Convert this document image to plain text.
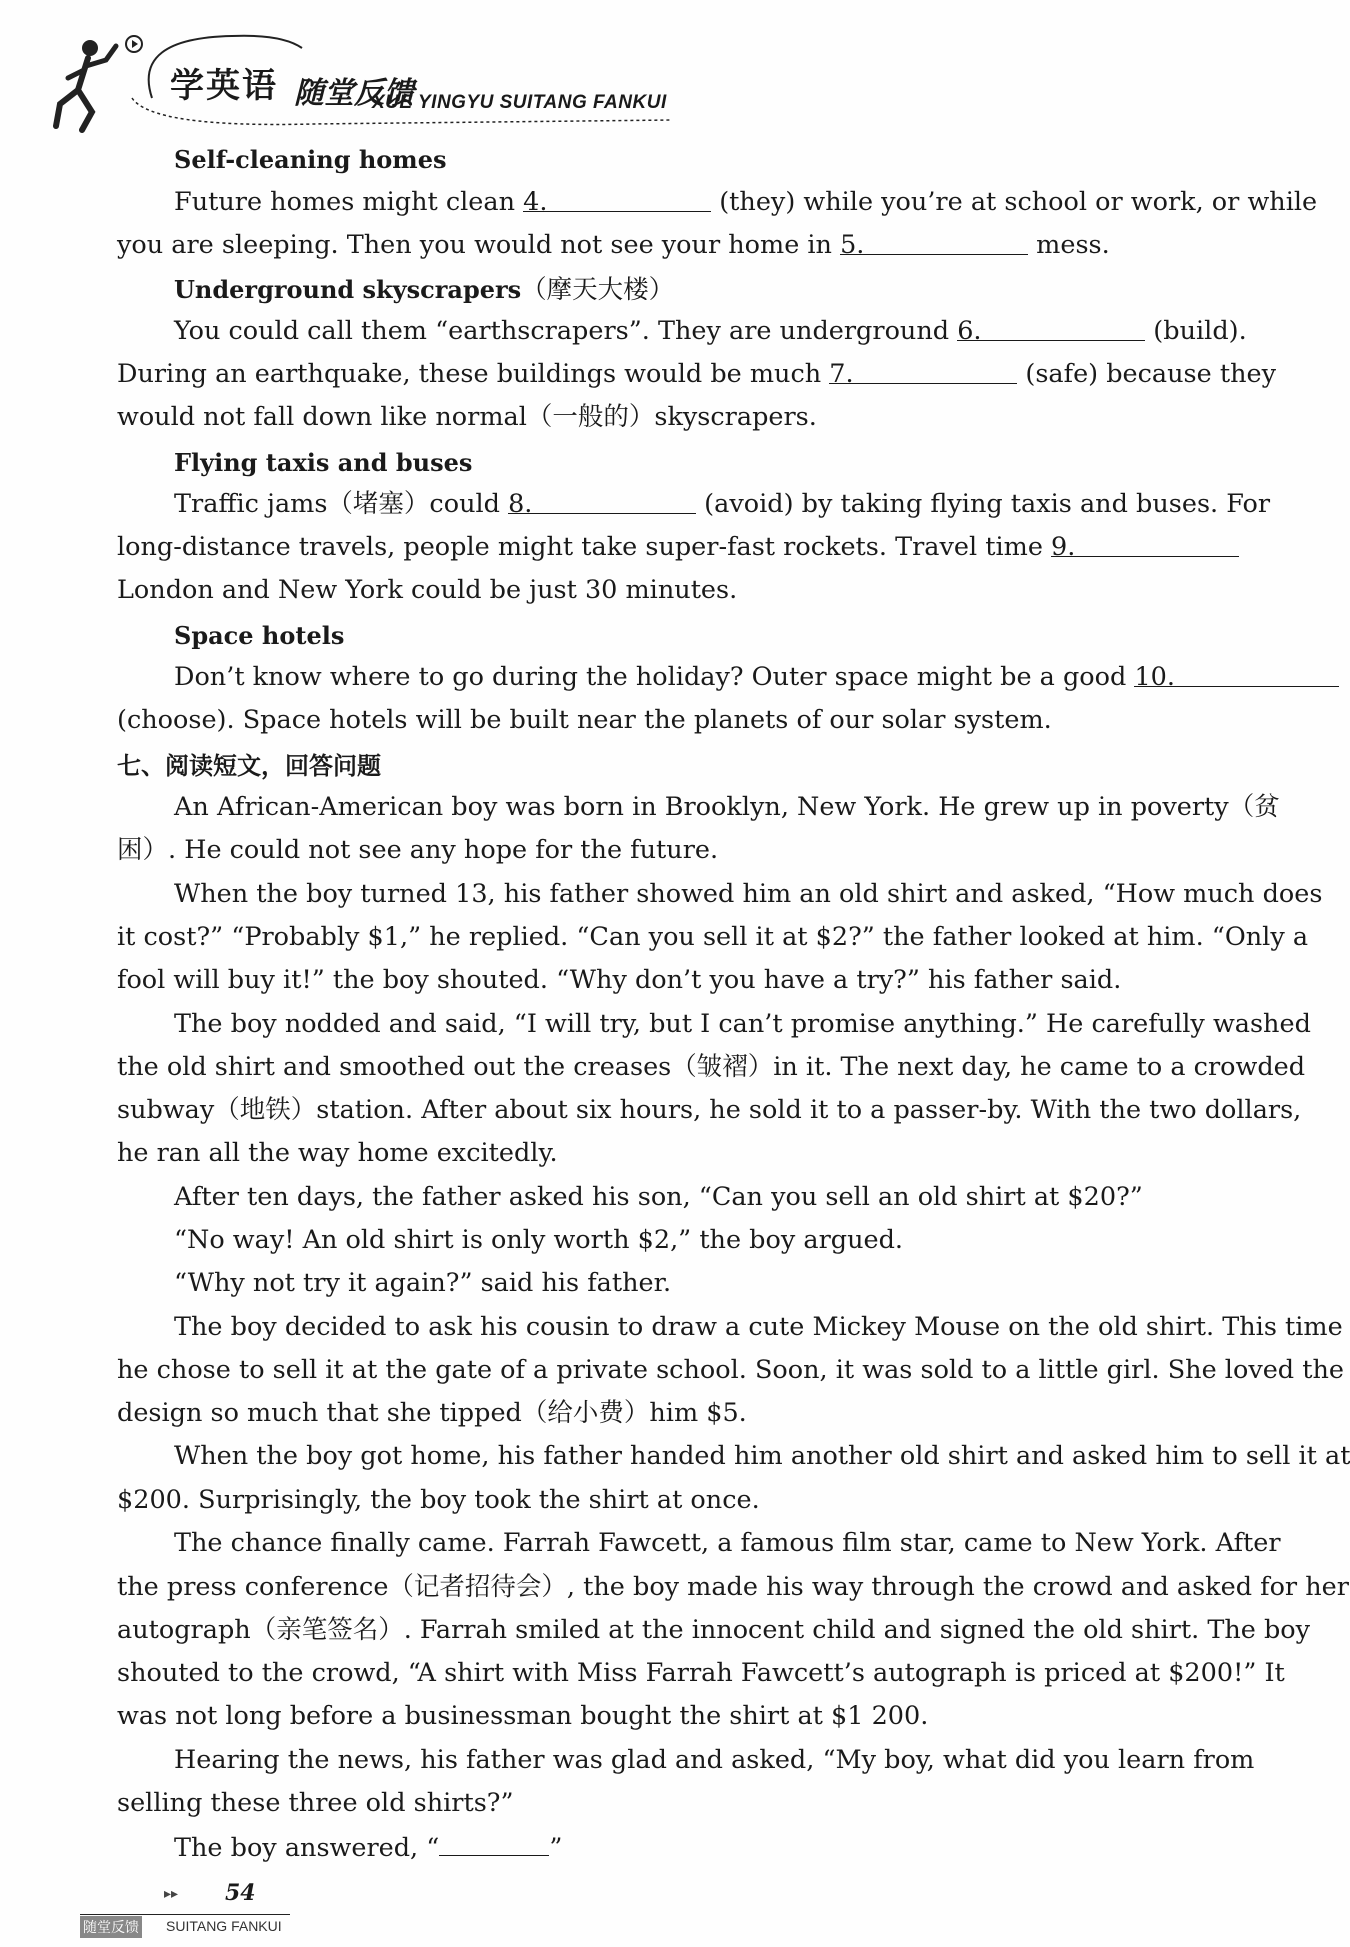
学英语 随堂反馈
XUE YINGYU SUITANG FANKUI
Self-cleaning homes
Future homes might clean 4.	(they) while you’re at school or work, or while
you are sleeping. Then you would not see your home in 5.	mess.
Underground skyscrapers（摩天大楼）
You could call them “earthscrapers”. They are underground 6.	(build).
During an earthquake, these buildings would be much 7.	(safe) because they
would not fall down like normal（一般的）skyscrapers.
Flying taxis and buses
Traffic jams（堵塞）could 8.	(avoid) by taking flying taxis and buses. For
long-distance travels, people might take super-fast rockets. Travel time 9.
London and New York could be just 30 minutes.
Space hotels
Don’t know where to go during the holiday? Outer space might be a good 10.
(choose). Space hotels will be built near the planets of our solar system.
七、阅读短文，回答问题
An African-American boy was born in Brooklyn, New York. He grew up in poverty（贫
困）. He could not see any hope for the future.
When the boy turned 13, his father showed him an old shirt and asked, “How much does
it cost?” “Probably $1,” he replied. “Can you sell it at $2?” the father looked at him. “Only a
fool will buy it!” the boy shouted. “Why don’t you have a try?” his father said.
The boy nodded and said, “I will try, but I can’t promise anything.” He carefully washed
the old shirt and smoothed out the creases（皱褶）in it. The next day, he came to a crowded
subway（地铁）station. After about six hours, he sold it to a passer-by. With the two dollars,
he ran all the way home excitedly.
After ten days, the father asked his son, “Can you sell an old shirt at $20?”
“No way! An old shirt is only worth $2,” the boy argued.
“Why not try it again?” said his father.
The boy decided to ask his cousin to draw a cute Mickey Mouse on the old shirt. This time
he chose to sell it at the gate of a private school. Soon, it was sold to a little girl. She loved the
design so much that she tipped（给小费）him $5.
When the boy got home, his father handed him another old shirt and asked him to sell it at
$200. Surprisingly, the boy took the shirt at once.
The chance finally came. Farrah Fawcett, a famous film star, came to New York. After
the press conference（记者招待会）, the boy made his way through the crowd and asked for her
autograph（亲笔签名）. Farrah smiled at the innocent child and signed the old shirt. The boy
shouted to the crowd, “A shirt with Miss Farrah Fawcett’s autograph is priced at $200!” It
was not long before a businessman bought the shirt at $1 200.
Hearing the news, his father was glad and asked, “My boy, what did you learn from
selling these three old shirts?”
The boy answered, “	”
▸▸ 54
随堂反馈 SUITANG FANKUI
